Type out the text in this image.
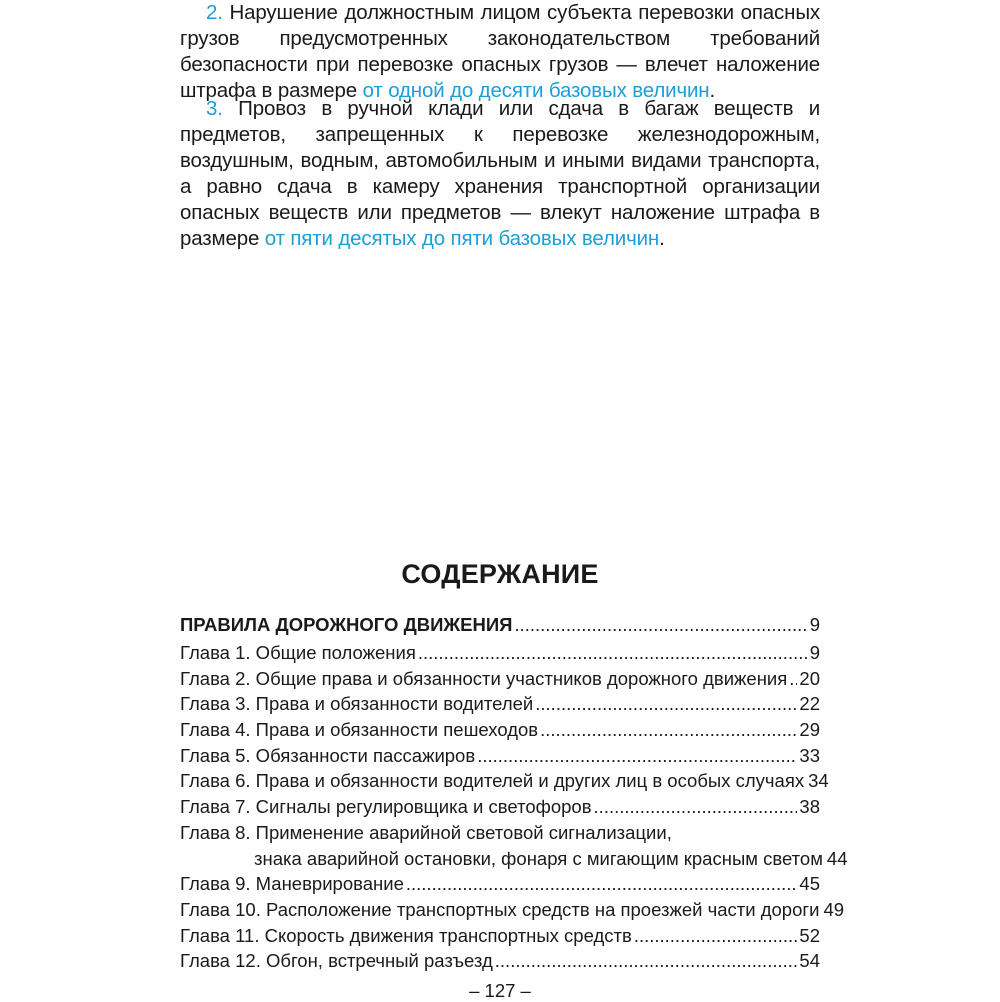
2. Нарушение должностным лицом субъекта перевозки опасных грузов предусмотренных законодательством требований безопасности при перевозке опасных грузов — влечет наложение штрафа в размере от одной до десяти базовых величин.

3. Провоз в ручной клади или сдача в багаж веществ и предметов, запрещенных к перевозке железнодорожным, воздушным, водным, автомобильным и иными видами транспорта, а равно сдача в камеру хранения транспортной организации опасных веществ или предметов — влекут наложение штрафа в размере от пяти десятых до пяти базовых величин.

СОДЕРЖАНИЕ
ПРАВИЛА ДОРОЖНОГО ДВИЖЕНИЯ .....	9
Глава 1. Общие положения .....	9
Глава 2. Общие права и обязанности участников дорожного движения ..... 20
Глава 3. Права и обязанности водителей .....	22
Глава 4. Права и обязанности пешеходов .....	29
Глава 5. Обязанности пассажиров .....	33
Глава 6. Права и обязанности водителей и других лиц в особых случаях 34
Глава 7. Сигналы регулировщика и светофоров .....	38
Глава 8. Применение аварийной световой сигнализации,
знака аварийной остановки, фонаря с мигающим красным светом 44
Глава 9. Маневрирование .....	45
Глава 10. Расположение транспортных средств на проезжей части дороги 49
Глава 11. Скорость движения транспортных средств .....	52
Глава 12. Обгон, встречный разъезд .....	54
– 127 –
